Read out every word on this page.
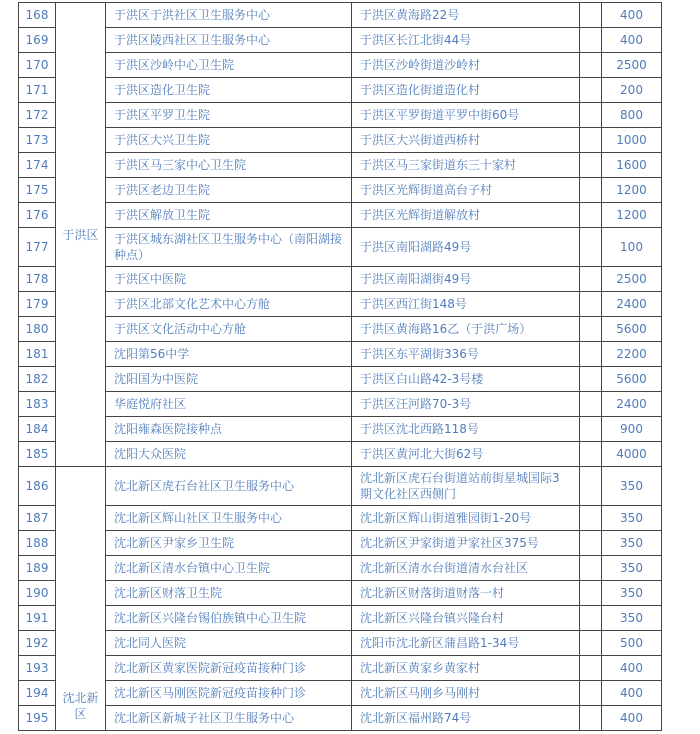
168	于洪区	于洪区于洪社区卫生服务中心	于洪区黄海路22号		400
169		于洪区陵西社区卫生服务中心	于洪区长江北街44号		400
170		于洪区沙岭中心卫生院	于洪区沙岭街道沙岭村		2500
171		于洪区造化卫生院	于洪区造化街道造化村		200
172		于洪区平罗卫生院	于洪区平罗街道平罗中街60号		800
173		于洪区大兴卫生院	于洪区大兴街道西桥村		1000
174		于洪区马三家中心卫生院	于洪区马三家街道东三十家村		1600
175		于洪区老边卫生院	于洪区光辉街道高台子村		1200
176		于洪区解放卫生院	于洪区光辉街道解放村		1200
177		于洪区城东湖社区卫生服务中心（南阳湖接种点）	于洪区南阳湖路49号		100
178		于洪区中医院	于洪区南阳湖街49号		2500
179		于洪区北部文化艺术中心方舱	于洪区西江街148号		2400
180		于洪区文化活动中心方舱	于洪区黄海路16乙（于洪广场）		5600
181		沈阳第56中学	于洪区东平湖街336号		2200
182		沈阳国为中医院	于洪区白山路42-3号楼		5600
183		华庭悦府社区	于洪区汪河路70-3号		2400
184		沈阳雍森医院接种点	于洪区沈北西路118号		900
185		沈阳大众医院	于洪区黄河北大街62号		4000
186	沈北新区	沈北新区虎石台社区卫生服务中心	沈北新区虎石台街道站前街星城国际3期文化社区西侧门		350
187		沈北新区辉山社区卫生服务中心	沈北新区辉山街道雅园街1-20号		350
188		沈北新区尹家乡卫生院	沈北新区尹家街道尹家社区375号		350
189		沈北新区清水台镇中心卫生院	沈北新区清水台街道清水台社区		350
190		沈北新区财落卫生院	沈北新区财落街道财落一村		350
191		沈北新区兴隆台锡伯族镇中心卫生院	沈北新区兴隆台镇兴隆台村		350
192		沈北同人医院	沈阳市沈北新区蒲昌路1-34号		500
193		沈北新区黄家医院新冠疫苗接种门诊	沈北新区黄家乡黄家村		400
194		沈北新区马刚医院新冠疫苗接种门诊	沈北新区马刚乡马刚村		400
195		沈北新区新城子社区卫生服务中心	沈北新区福州路74号		400
